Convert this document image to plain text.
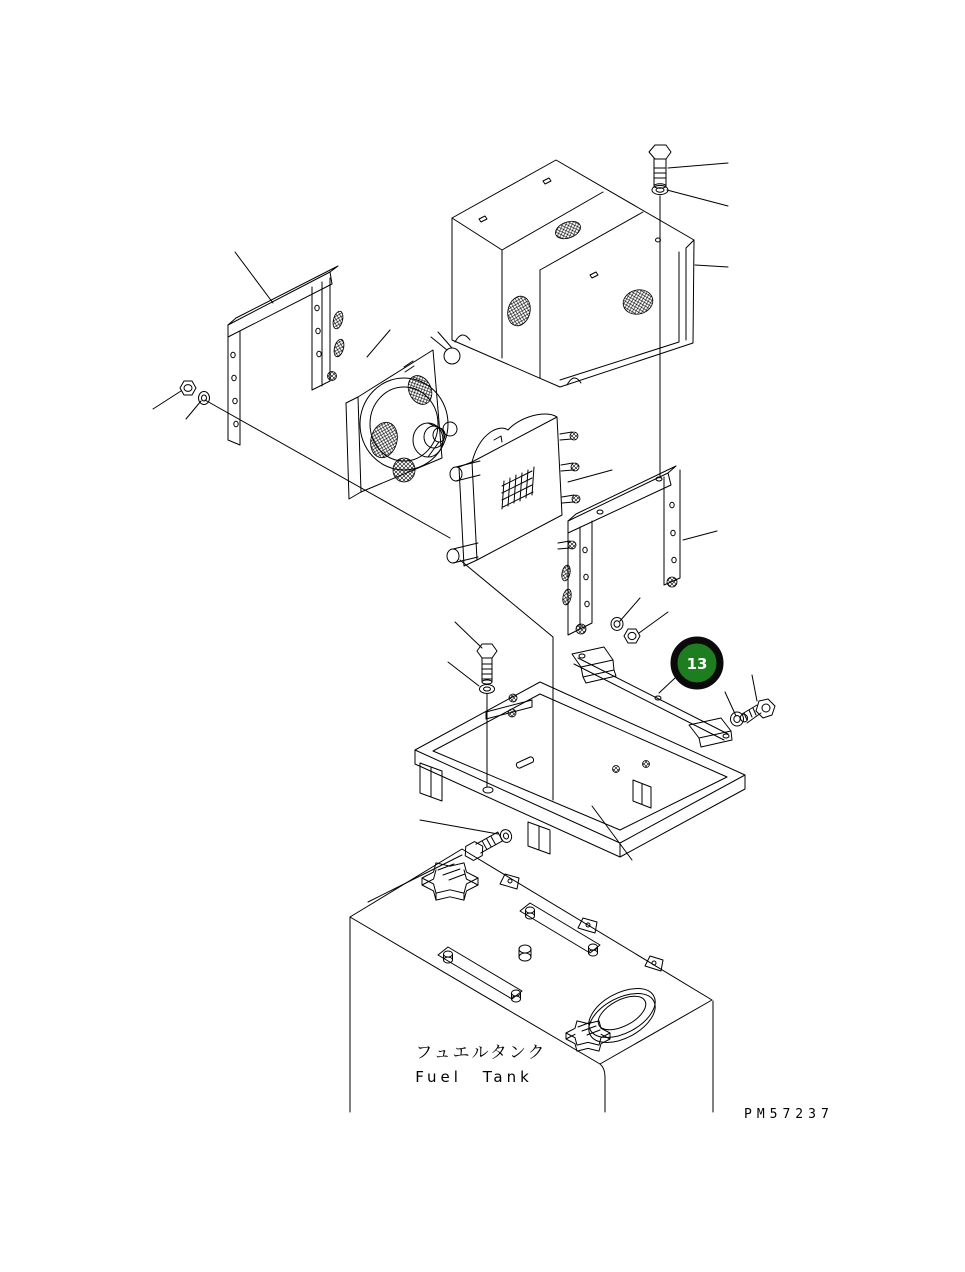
13
フュエルタンク
Fuel Tank
PM57237
